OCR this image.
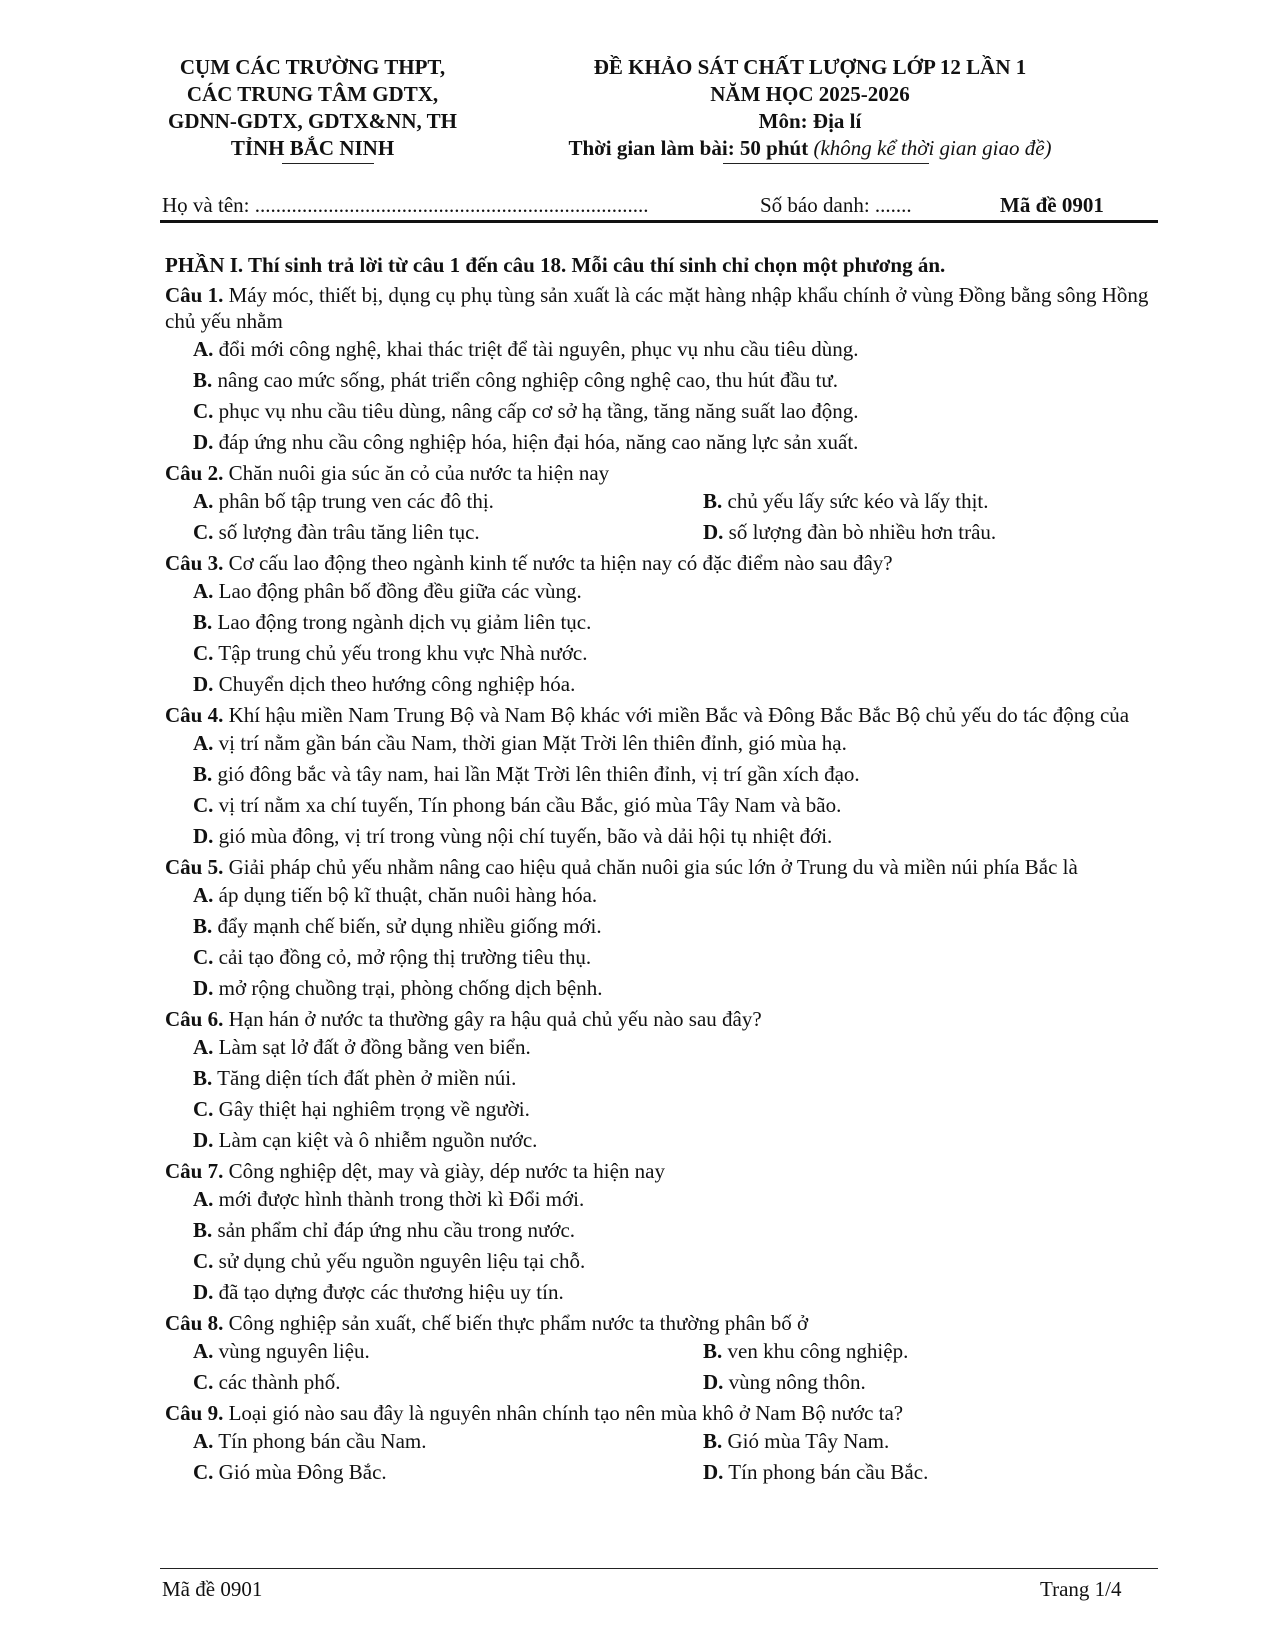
CỤM CÁC TRƯỜNG THPT,
CÁC TRUNG TÂM GDTX,
GDNN-GDTX, GDTX&NN, TH
TỈNH BẮC NINH
ĐỀ KHẢO SÁT CHẤT LƯỢNG LỚP 12 LẦN 1
NĂM HỌC 2025-2026
Môn: Địa lí
Thời gian làm bài: 50 phút (không kể thời gian giao đề)
Họ và tên: ...........................................................................	Số báo danh: .......	Mã đề 0901
PHẦN I. Thí sinh trả lời từ câu 1 đến câu 18. Mỗi câu thí sinh chỉ chọn một phương án.
Câu 1. Máy móc, thiết bị, dụng cụ phụ tùng sản xuất là các mặt hàng nhập khẩu chính ở vùng Đồng bằng sông Hồng chủ yếu nhằm
A. đổi mới công nghệ, khai thác triệt để tài nguyên, phục vụ nhu cầu tiêu dùng.
B. nâng cao mức sống, phát triển công nghiệp công nghệ cao, thu hút đầu tư.
C. phục vụ nhu cầu tiêu dùng, nâng cấp cơ sở hạ tầng, tăng năng suất lao động.
D. đáp ứng nhu cầu công nghiệp hóa, hiện đại hóa, năng cao năng lực sản xuất.
Câu 2. Chăn nuôi gia súc ăn cỏ của nước ta hiện nay
A. phân bố tập trung ven các đô thị.	B. chủ yếu lấy sức kéo và lấy thịt.
C. số lượng đàn trâu tăng liên tục.	D. số lượng đàn bò nhiều hơn trâu.
Câu 3. Cơ cấu lao động theo ngành kinh tế nước ta hiện nay có đặc điểm nào sau đây?
A. Lao động phân bố đồng đều giữa các vùng.
B. Lao động trong ngành dịch vụ giảm liên tục.
C. Tập trung chủ yếu trong khu vực Nhà nước.
D. Chuyển dịch theo hướng công nghiệp hóa.
Câu 4. Khí hậu miền Nam Trung Bộ và Nam Bộ khác với miền Bắc và Đông Bắc Bắc Bộ chủ yếu do tác động của
A. vị trí nằm gần bán cầu Nam, thời gian Mặt Trời lên thiên đỉnh, gió mùa hạ.
B. gió đông bắc và tây nam, hai lần Mặt Trời lên thiên đỉnh, vị trí gần xích đạo.
C. vị trí nằm xa chí tuyến, Tín phong bán cầu Bắc, gió mùa Tây Nam và bão.
D. gió mùa đông, vị trí trong vùng nội chí tuyến, bão và dải hội tụ nhiệt đới.
Câu 5. Giải pháp chủ yếu nhằm nâng cao hiệu quả chăn nuôi gia súc lớn ở Trung du và miền núi phía Bắc là
A. áp dụng tiến bộ kĩ thuật, chăn nuôi hàng hóa.
B. đẩy mạnh chế biến, sử dụng nhiều giống mới.
C. cải tạo đồng cỏ, mở rộng thị trường tiêu thụ.
D. mở rộng chuồng trại, phòng chống dịch bệnh.
Câu 6. Hạn hán ở nước ta thường gây ra hậu quả chủ yếu nào sau đây?
A. Làm sạt lở đất ở đồng bằng ven biển.
B. Tăng diện tích đất phèn ở miền núi.
C. Gây thiệt hại nghiêm trọng về người.
D. Làm cạn kiệt và ô nhiễm nguồn nước.
Câu 7. Công nghiệp dệt, may và giày, dép nước ta hiện nay
A. mới được hình thành trong thời kì Đổi mới.
B. sản phẩm chỉ đáp ứng nhu cầu trong nước.
C. sử dụng chủ yếu nguồn nguyên liệu tại chỗ.
D. đã tạo dựng được các thương hiệu uy tín.
Câu 8. Công nghiệp sản xuất, chế biến thực phẩm nước ta thường phân bố ở
A. vùng nguyên liệu.	B. ven khu công nghiệp.
C. các thành phố.	D. vùng nông thôn.
Câu 9. Loại gió nào sau đây là nguyên nhân chính tạo nên mùa khô ở Nam Bộ nước ta?
A. Tín phong bán cầu Nam.	B. Gió mùa Tây Nam.
C. Gió mùa Đông Bắc.	D. Tín phong bán cầu Bắc.
Mã đề 0901	Trang 1/4
